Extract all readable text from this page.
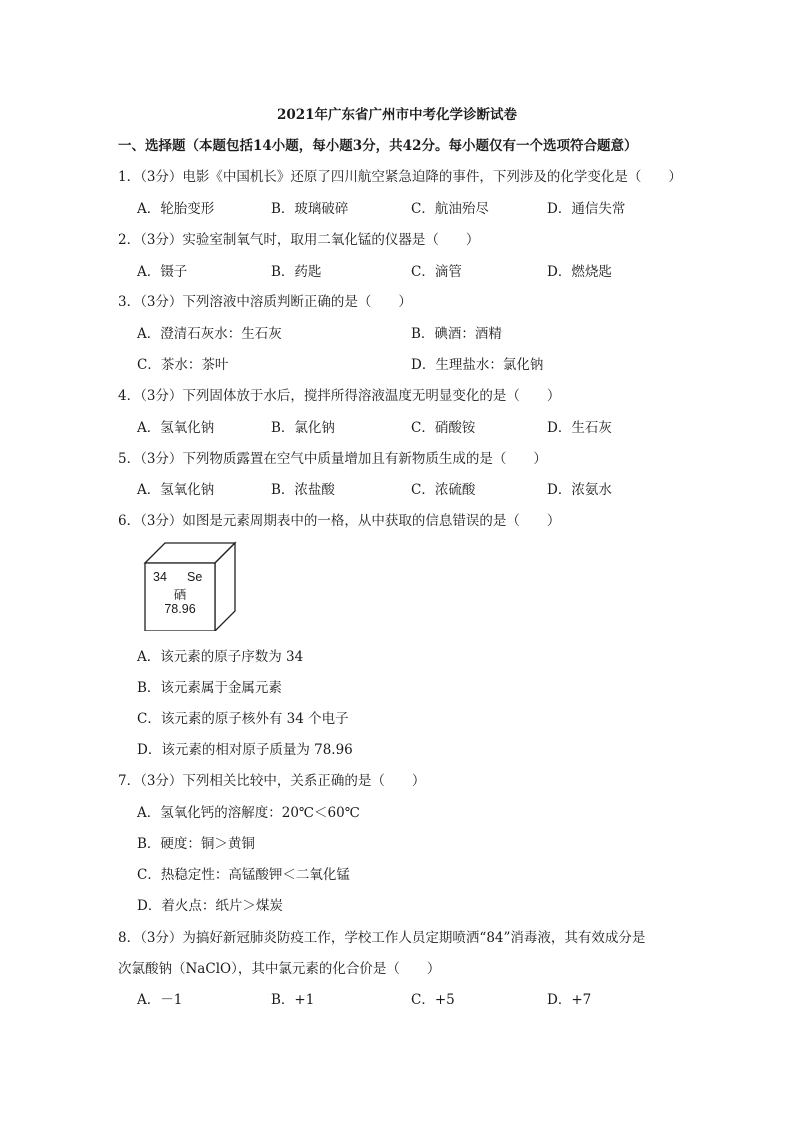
2021年广东省广州市中考化学诊断试卷
一、选择题（本题包括14小题，每小题3分，共42分。每小题仅有一个选项符合题意）
1．（3分）电影《中国机长》还原了四川航空紧急迫降的事件，下列涉及的化学变化是（　　）
A．轮胎变形	B．玻璃破碎	C．航油殆尽	D．通信失常
2．（3分）实验室制氧气时，取用二氧化锰的仪器是（　　）
A．镊子	B．药匙	C．滴管	D．燃烧匙
3．（3分）下列溶液中溶质判断正确的是（　　）
A．澄清石灰水：生石灰	B．碘酒：酒精
C．茶水：茶叶	D．生理盐水：氯化钠
4．（3分）下列固体放于水后，搅拌所得溶液温度无明显变化的是（　　）
A．氢氧化钠	B．氯化钠	C．硝酸铵	D．生石灰
5．（3分）下列物质露置在空气中质量增加且有新物质生成的是（　　）
A．氢氧化钠	B．浓盐酸	C．浓硫酸	D．浓氨水
6．（3分）如图是元素周期表中的一格，从中获取的信息错误的是（　　）
34	Se
硒
78.96
A．该元素的原子序数为 34
B．该元素属于金属元素
C．该元素的原子核外有 34 个电子
D．该元素的相对原子质量为 78.96
7．（3分）下列相关比较中，关系正确的是（　　）
A．氢氧化钙的溶解度：20℃＜60℃
B．硬度：铜＞黄铜
C．热稳定性：高锰酸钾＜二氧化锰
D．着火点：纸片＞煤炭
8．（3分）为搞好新冠肺炎防疫工作，学校工作人员定期喷洒“84”消毒液，其有效成分是
次氯酸钠（NaClO），其中氯元素的化合价是（　　）
A．－1	B．+1	C．+5	D．+7
